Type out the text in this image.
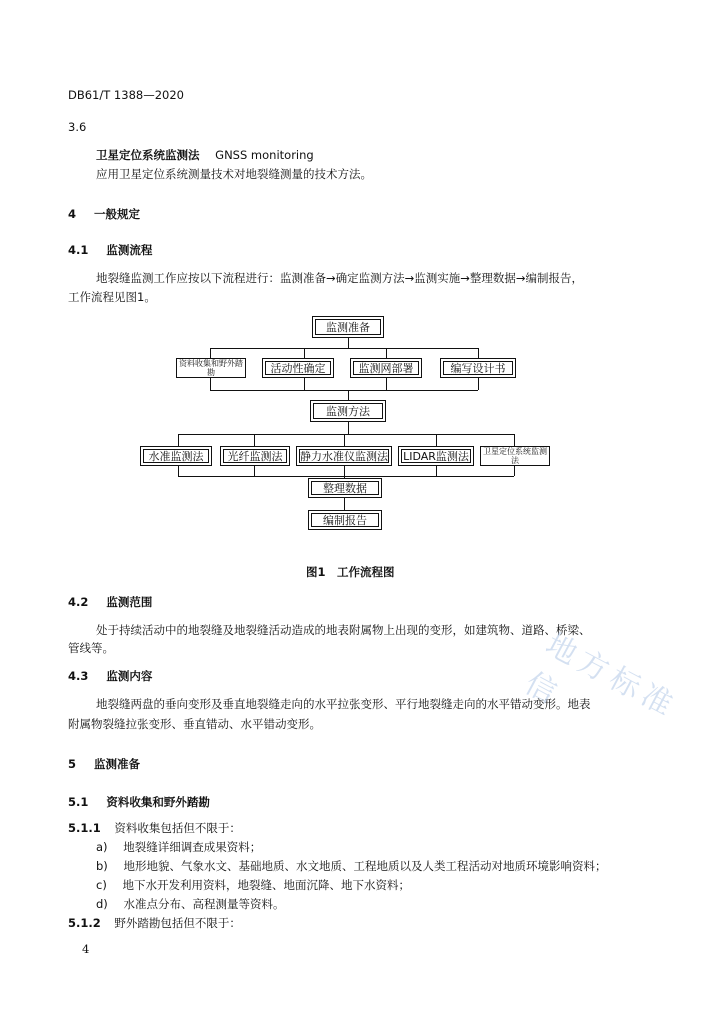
DB61/T 1388—2020
3.6
卫星定位系统监测法 GNSS monitoring
应用卫星定位系统测量技术对地裂缝测量的技术方法。
4 一般规定
4.1 监测流程
地裂缝监测工作应按以下流程进行：监测准备→确定监测方法→监测实施→整理数据→编制报告，
工作流程见图1。
监测准备
资料收集和野外踏勘	活动性确定	监测网部署	编写设计书
监测方法
水准监测法	光纤监测法	静力水准仪监测法	LIDAR监测法	卫星定位系统监测法
整理数据
编制报告
图1　工作流程图
4.2 监测范围
处于持续活动中的地裂缝及地裂缝活动造成的地表附属物上出现的变形，如建筑物、道路、桥梁、
管线等。
4.3 监测内容
地裂缝两盘的垂向变形及垂直地裂缝走向的水平拉张变形、平行地裂缝走向的水平错动变形。地表
附属物裂缝拉张变形、垂直错动、水平错动变形。
5 监测准备
5.1 资料收集和野外踏勘
5.1.1 资料收集包括但不限于：
a) 地裂缝详细调查成果资料；
b) 地形地貌、气象水文、基础地质、水文地质、工程地质以及人类工程活动对地质环境影响资料；
c) 地下水开发利用资料，地裂缝、地面沉降、地下水资料；
d) 水准点分布、高程测量等资料。
5.1.2 野外踏勘包括但不限于：
4
地方标准信
